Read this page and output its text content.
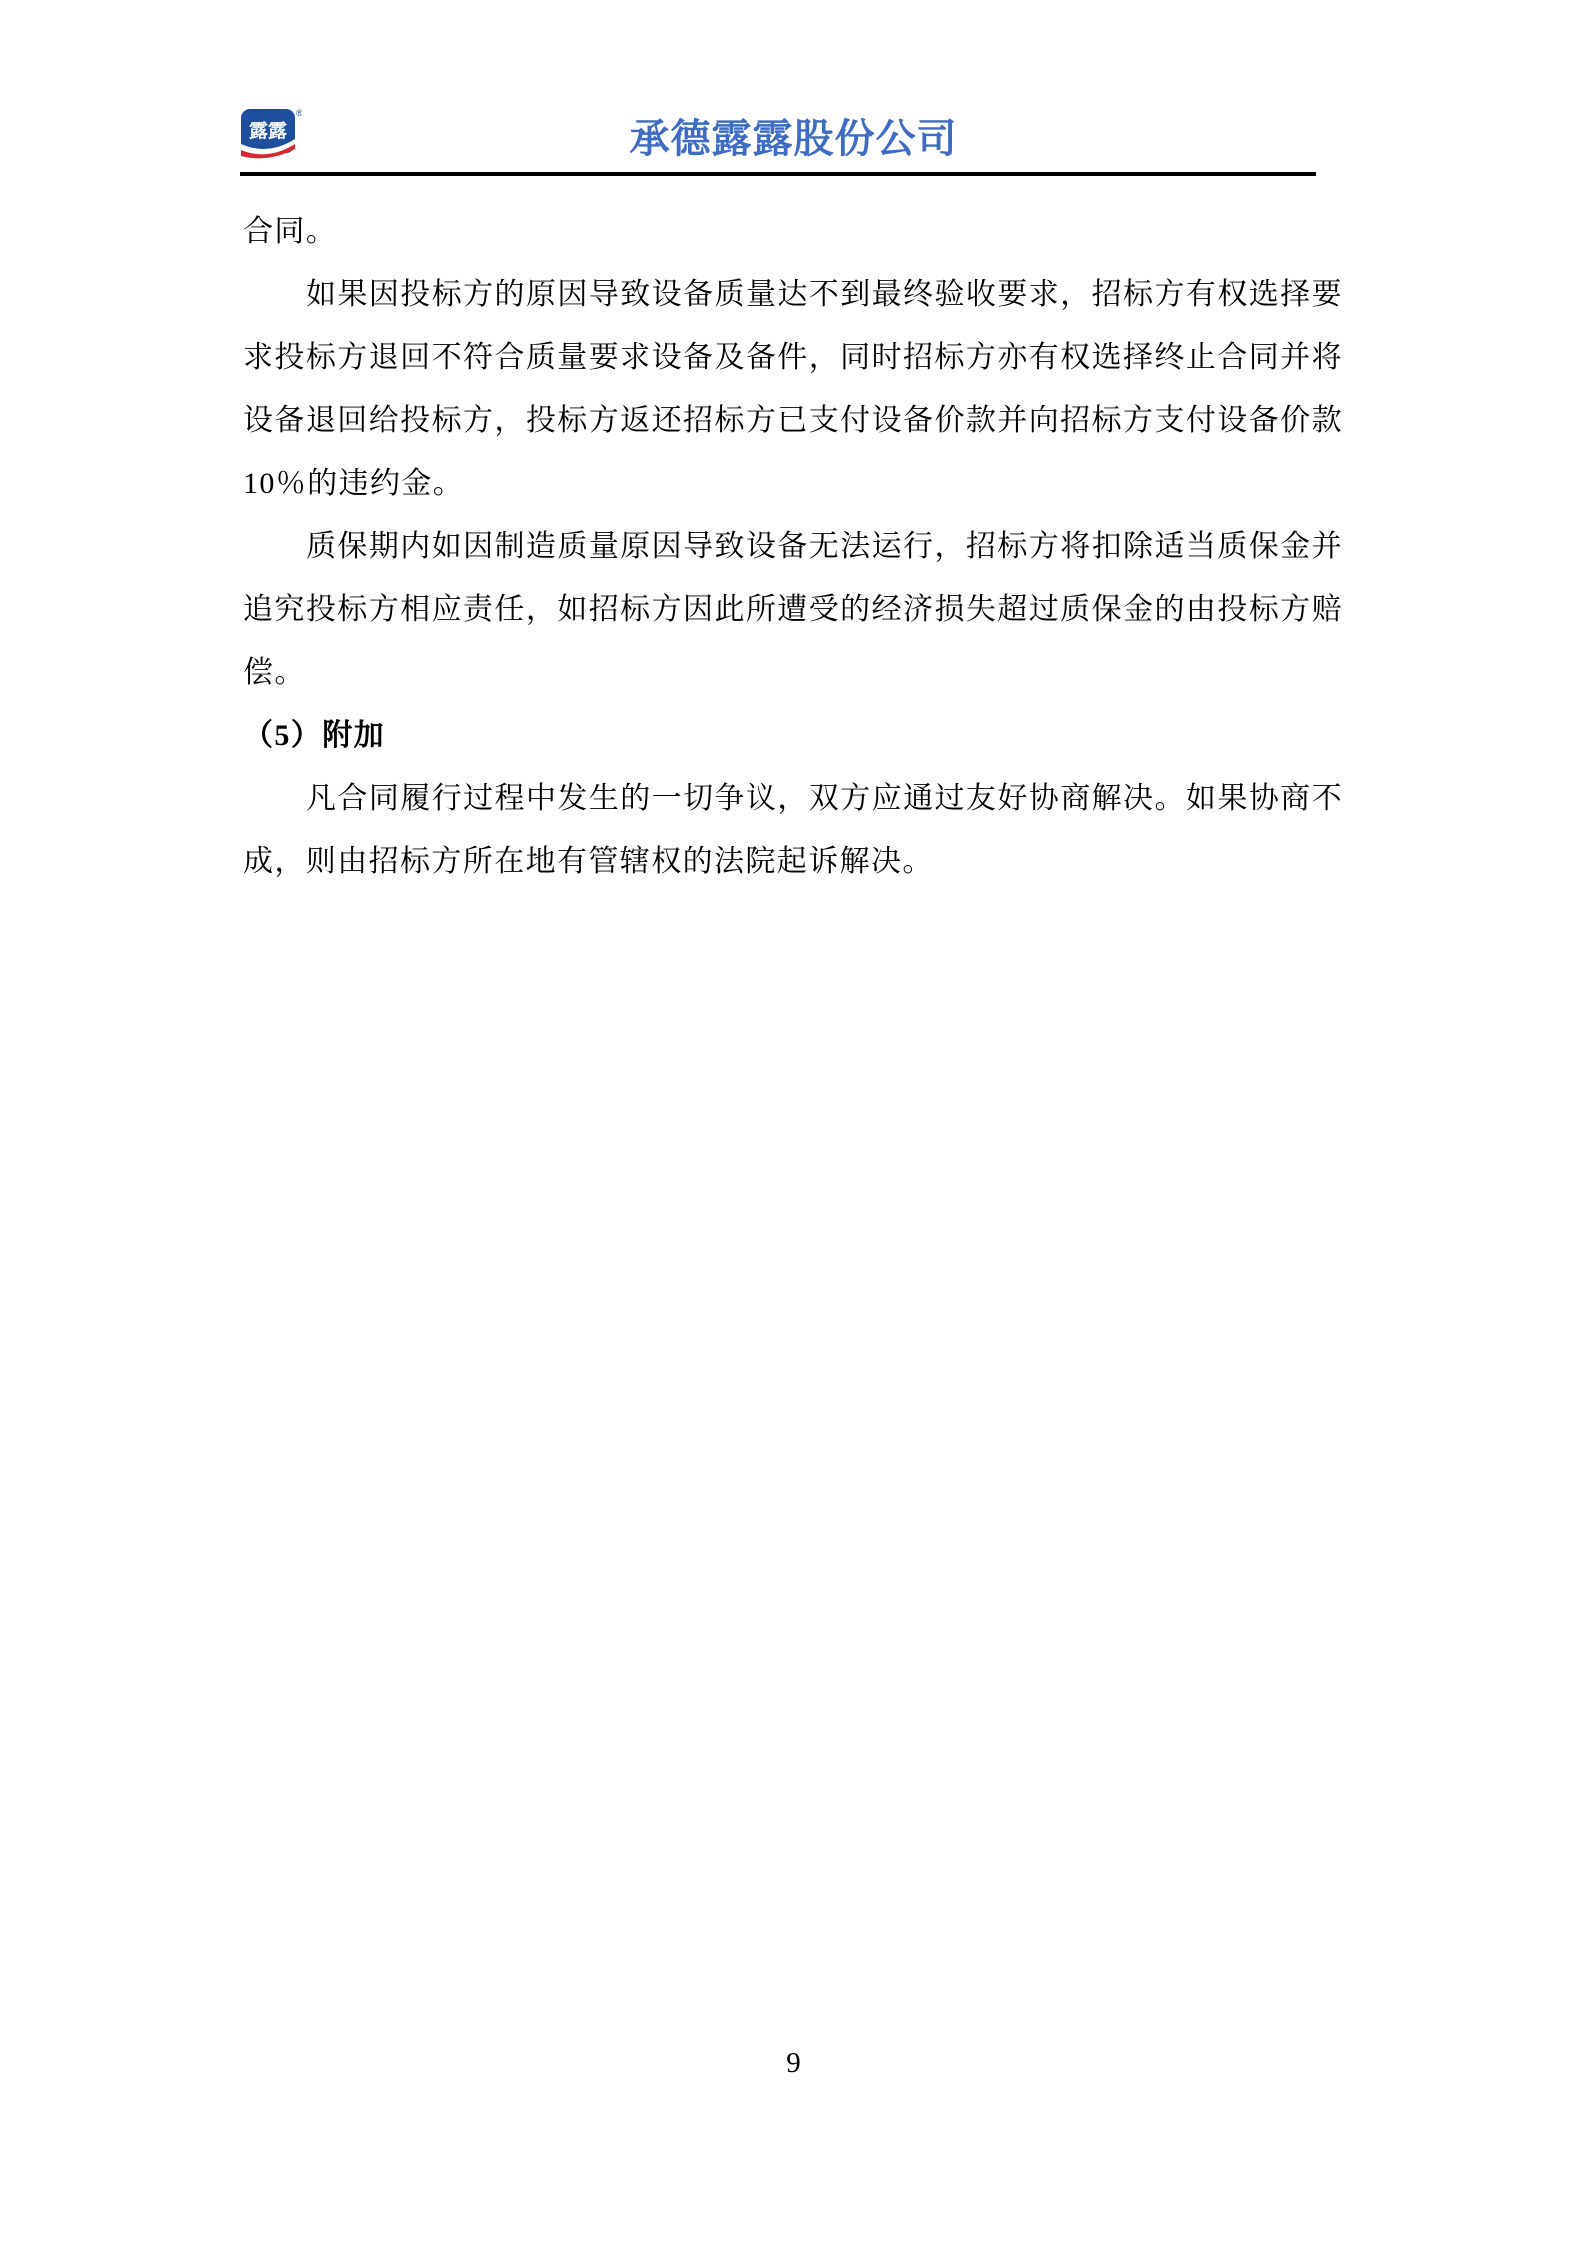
露露
®
承德露露股份公司

合同。

如果因投标方的原因导致设备质量达不到最终验收要求，招标方有权选择要求投标方退回不符合质量要求设备及备件，同时招标方亦有权选择终止合同并将设备退回给投标方，投标方返还招标方已支付设备价款并向招标方支付设备价款10％的违约金。

质保期内如因制造质量原因导致设备无法运行，招标方将扣除适当质保金并追究投标方相应责任，如招标方因此所遭受的经济损失超过质保金的由投标方赔偿。

（5）附加

凡合同履行过程中发生的一切争议，双方应通过友好协商解决。如果协商不成，则由招标方所在地有管辖权的法院起诉解决。

9
